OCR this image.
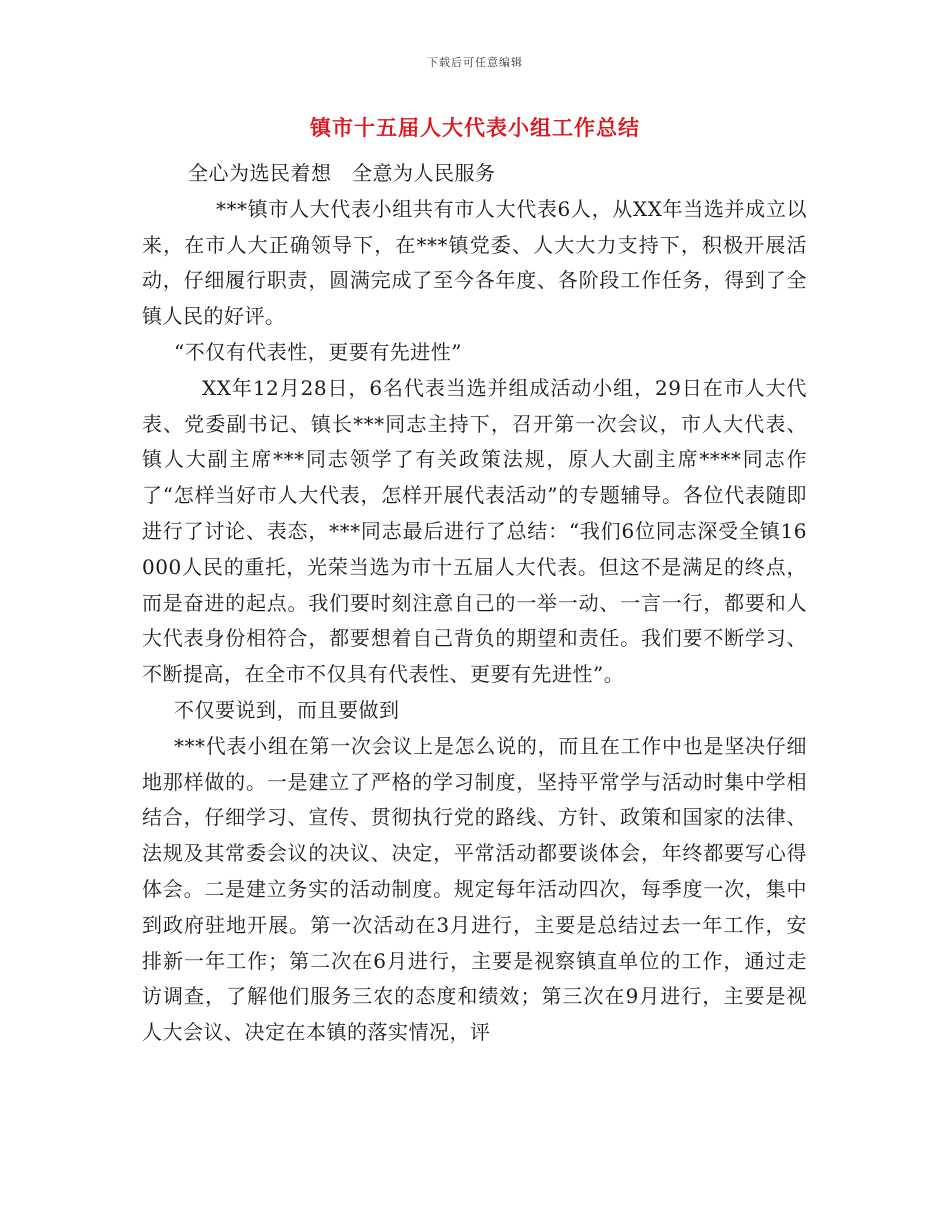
下载后可任意编辑
镇市十五届人大代表小组工作总结

全心为选民着想　全意为人民服务

***镇市人大代表小组共有市人大代表6人，从XX年当选并成立以来，在市人大正确领导下，在***镇党委、人大大力支持下，积极开展活动，仔细履行职责，圆满完成了至今各年度、各阶段工作任务，得到了全镇人民的好评。

“不仅有代表性，更要有先进性”

XX年12月28日，6名代表当选并组成活动小组，29日在市人大代表、党委副书记、镇长***同志主持下，召开第一次会议，市人大代表、镇人大副主席***同志领学了有关政策法规，原人大副主席****同志作了“怎样当好市人大代表，怎样开展代表活动”的专题辅导。各位代表随即进行了讨论、表态，***同志最后进行了总结：“我们6位同志深受全镇16000人民的重托，光荣当选为市十五届人大代表。但这不是满足的终点，而是奋进的起点。我们要时刻注意自己的一举一动、一言一行，都要和人大代表身份相符合，都要想着自己背负的期望和责任。我们要不断学习、不断提高，在全市不仅具有代表性、更要有先进性”。

不仅要说到，而且要做到

***代表小组在第一次会议上是怎么说的，而且在工作中也是坚决仔细地那样做的。一是建立了严格的学习制度，坚持平常学与活动时集中学相结合，仔细学习、宣传、贯彻执行党的路线、方针、政策和国家的法律、法规及其常委会议的决议、决定，平常活动都要谈体会，年终都要写心得体会。二是建立务实的活动制度。规定每年活动四次，每季度一次，集中到政府驻地开展。第一次活动在3月进行，主要是总结过去一年工作，安排新一年工作；第二次在6月进行，主要是视察镇直单位的工作，通过走访调查，了解他们服务三农的态度和绩效；第三次在9月进行，主要是视人大会议、决定在本镇的落实情况，评
